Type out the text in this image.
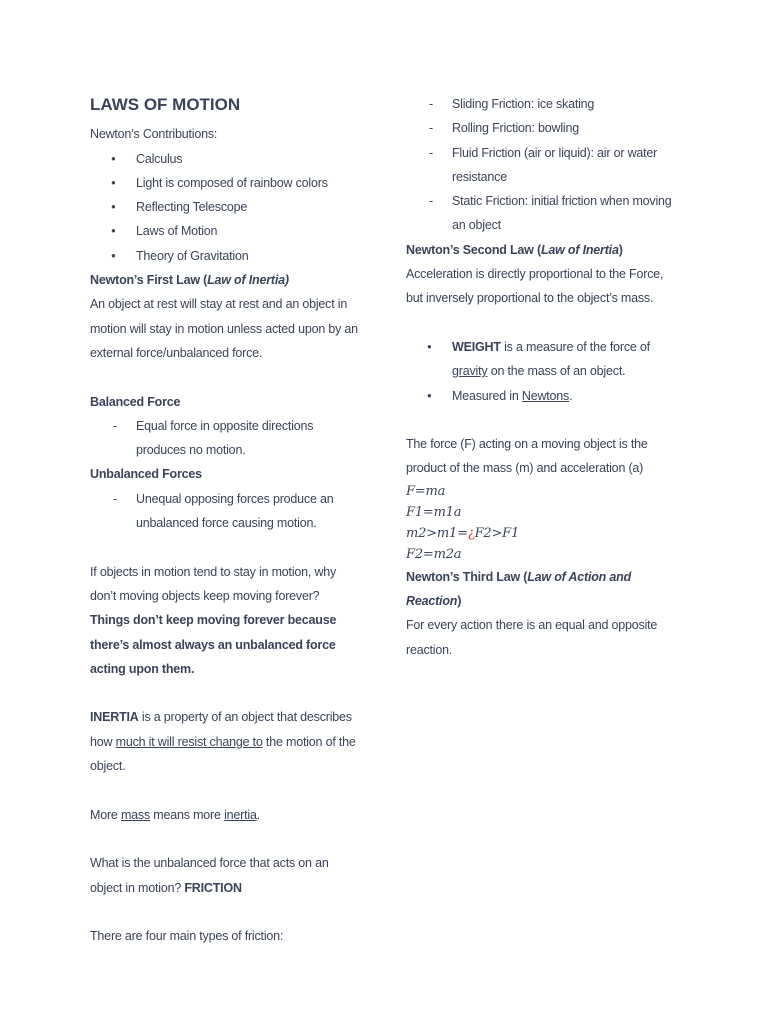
LAWS OF MOTION

Newton’s Contributions:

● Calculus
● Light is composed of rainbow colors
● Reflecting Telescope
● Laws of Motion
● Theory of Gravitation

Newton’s First Law (Law of Inertia)

An object at rest will stay at rest and an object in motion will stay in motion unless acted upon by an external force/unbalanced force.

Balanced Force

- Equal force in opposite directions produces no motion.

Unbalanced Forces

- Unequal opposing forces produce an unbalanced force causing motion.

If objects in motion tend to stay in motion, why don’t moving objects keep moving forever?

Things don’t keep moving forever because there’s almost always an unbalanced force acting upon them.

INERTIA is a property of an object that describes how much it will resist change to the motion of the object.

More mass means more inertia.

What is the unbalanced force that acts on an object in motion? FRICTION

There are four main types of friction:

- Sliding Friction: ice skating
- Rolling Friction: bowling
- Fluid Friction (air or liquid): air or water resistance
- Static Friction: initial friction when moving an object

Newton’s Second Law (Law of Inertia)

Acceleration is directly proportional to the Force, but inversely proportional to the object’s mass.

● WEIGHT is a measure of the force of gravity on the mass of an object.
● Measured in Newtons.

The force (F) acting on a moving object is the product of the mass (m) and acceleration (a)

F=ma
F1=m1a
m2>m1=¿F2>F1
F2=m2a

Newton’s Third Law (Law of Action and Reaction)

For every action there is an equal and opposite reaction.
